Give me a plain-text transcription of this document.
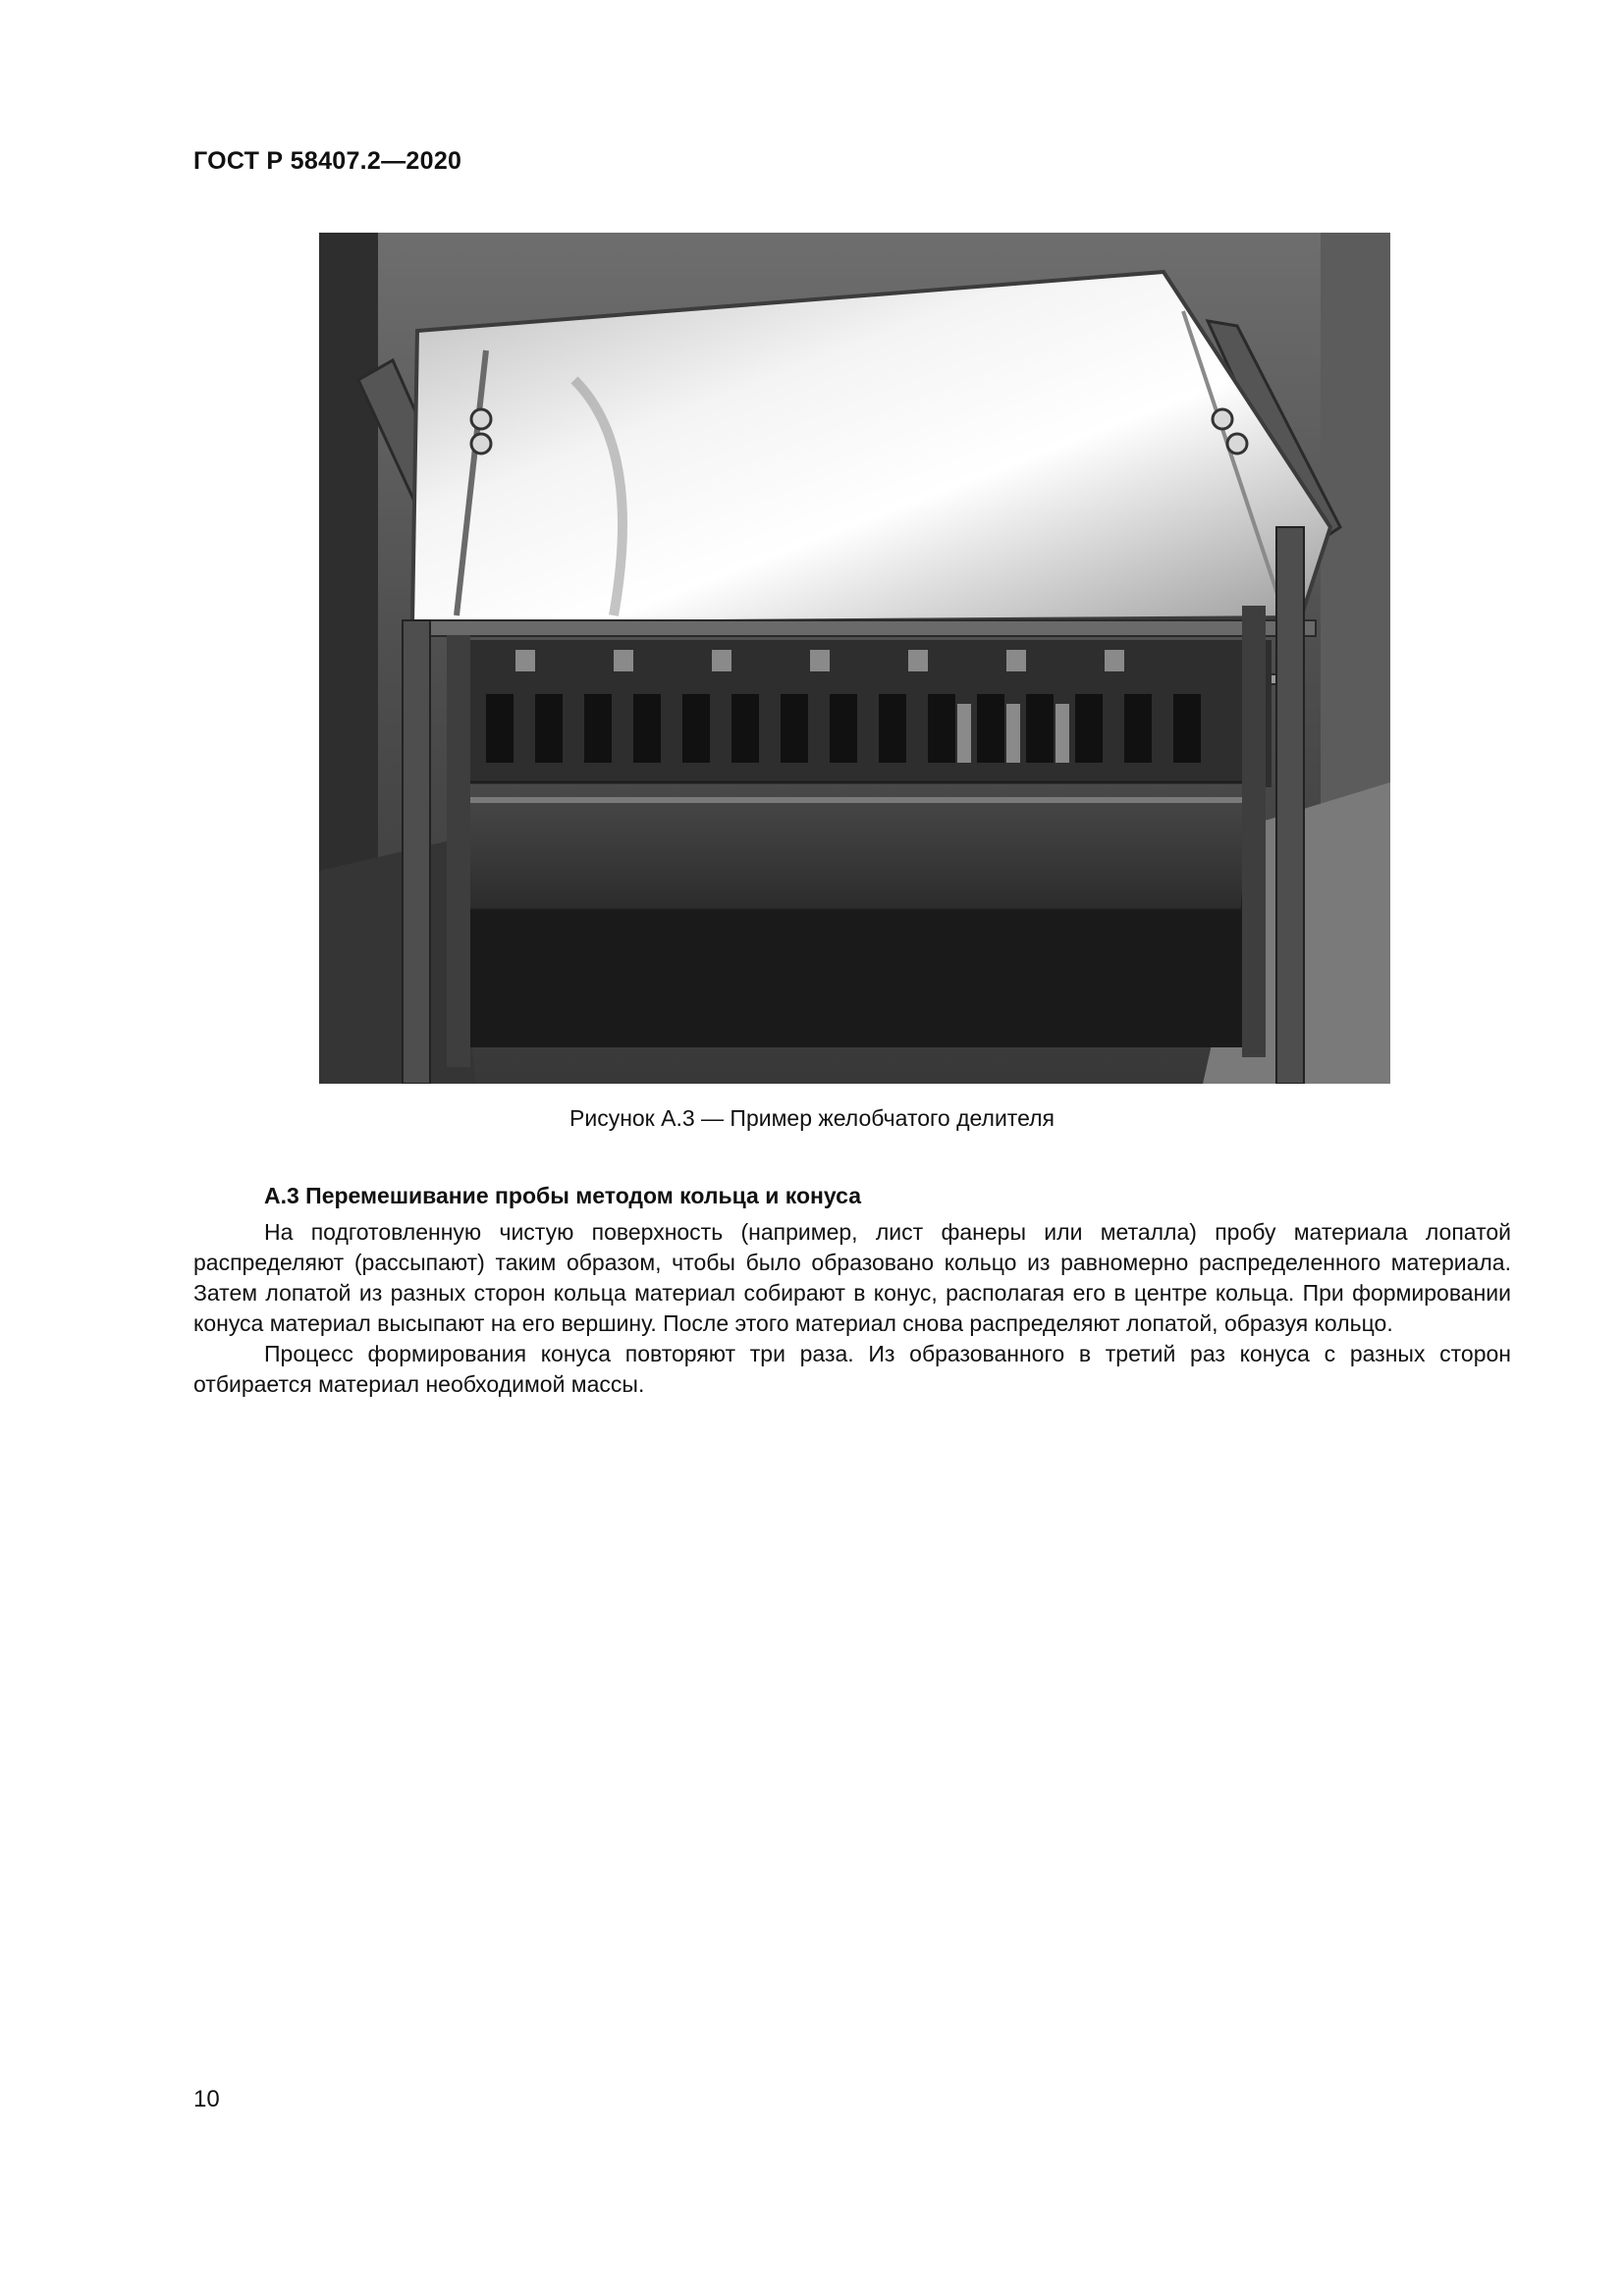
ГОСТ Р 58407.2—2020
Рисунок А.3 — Пример желобчатого делителя
А.3 Перемешивание пробы методом кольца и конуса

На подготовленную чистую поверхность (например, лист фанеры или металла) пробу материала лопатой распределяют (рассыпают) таким образом, чтобы было образовано кольцо из равномерно распределенного материала. Затем лопатой из разных сторон кольца материал собирают в конус, располагая его в центре кольца. При формировании конуса материал высыпают на его вершину. После этого материал снова распределяют лопатой, образуя кольцо.

Процесс формирования конуса повторяют три раза. Из образованного в третий раз конуса с разных сторон отбирается материал необходимой массы.

10
